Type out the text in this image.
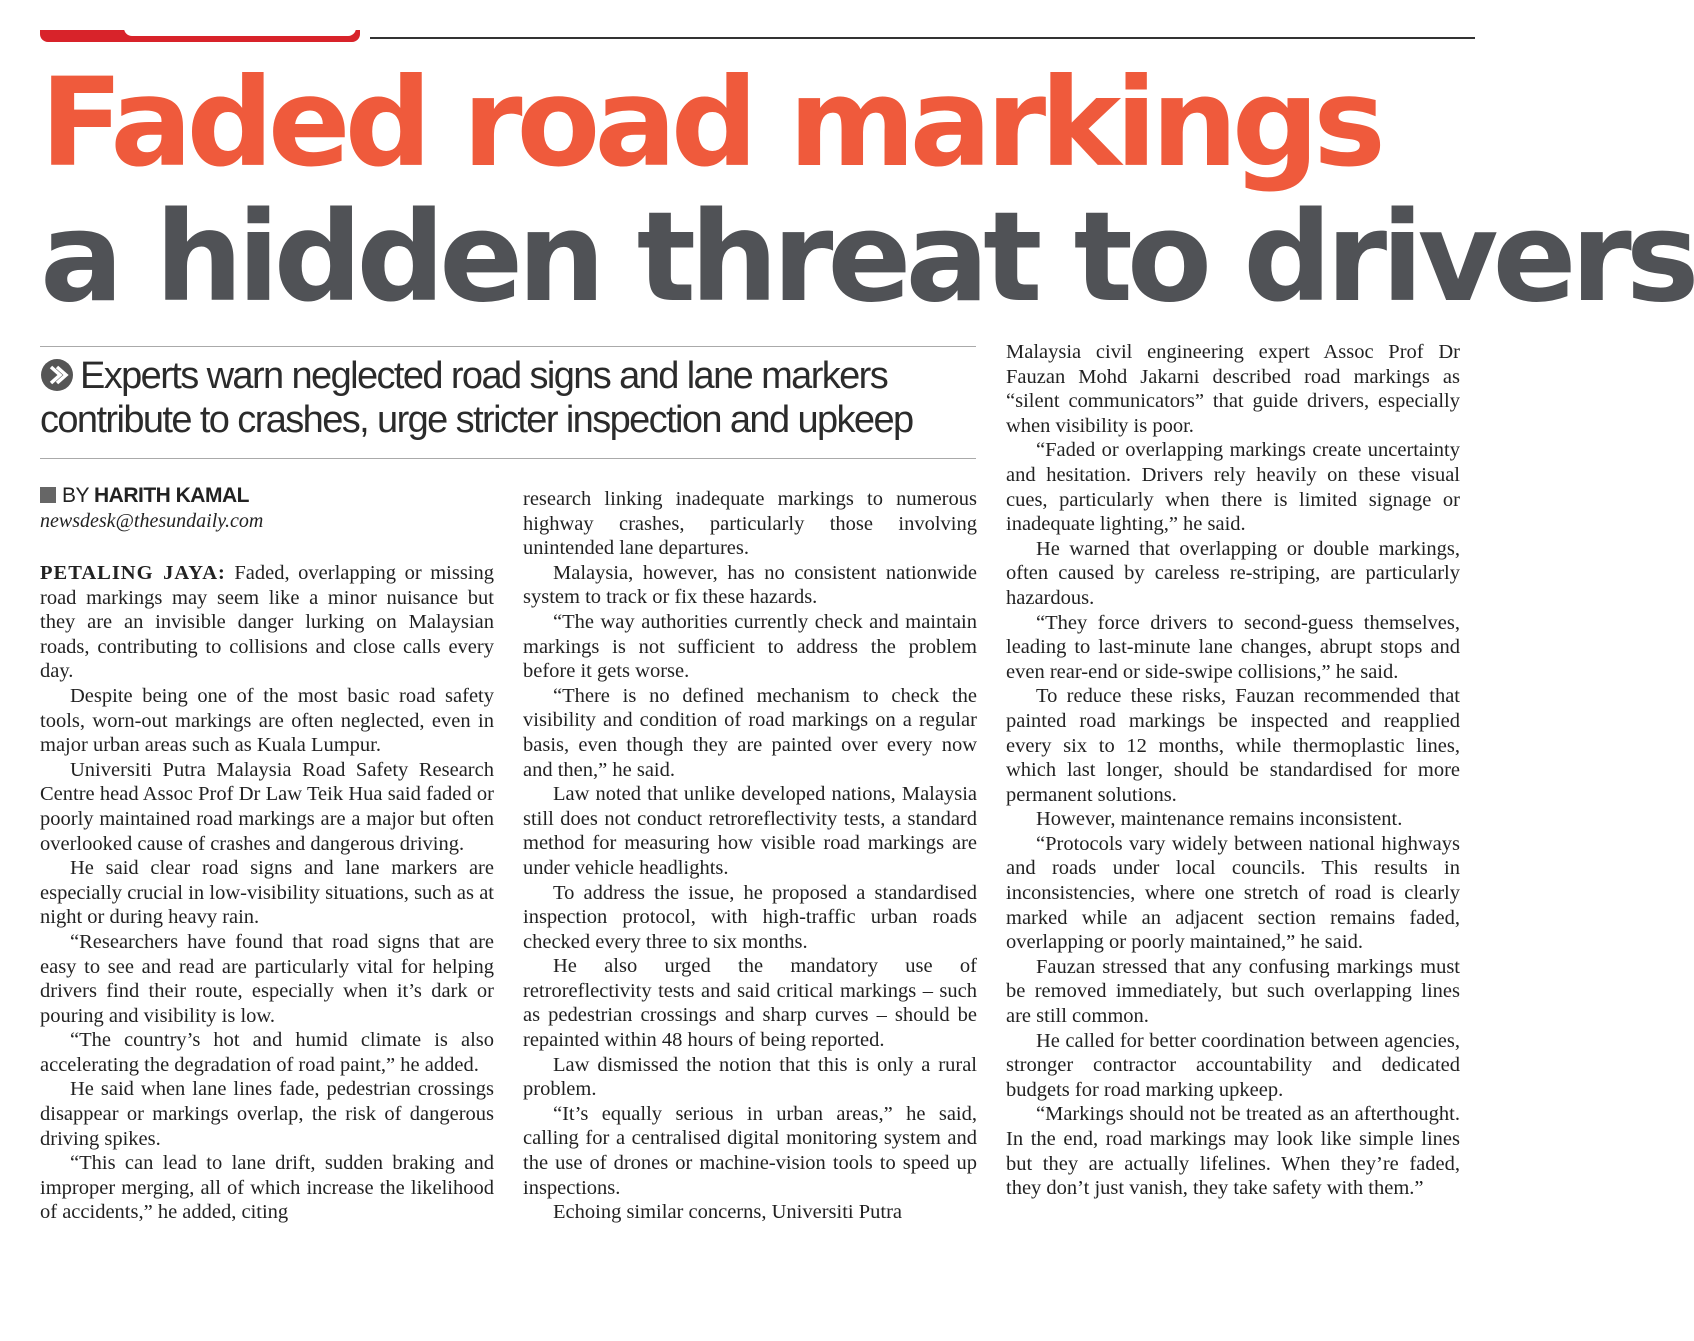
Faded road markings
a hidden threat to drivers
Experts warn neglected road signs and lane markers contribute to crashes, urge stricter inspection and upkeep
BY HARITH KAMAL
newsdesk@thesundaily.com

PETALING JAYA: Faded, overlapping or missing road markings may seem like a minor nuisance but they are an invisible danger lurking on Malaysian roads, contributing to collisions and close calls every day.

Despite being one of the most basic road safety tools, worn-out markings are often neglected, even in major urban areas such as Kuala Lumpur.

Universiti Putra Malaysia Road Safety Research Centre head Assoc Prof Dr Law Teik Hua said faded or poorly maintained road markings are a major but often overlooked cause of crashes and dangerous driving.

He said clear road signs and lane markers are especially crucial in low-visibility situations, such as at night or during heavy rain.

“Researchers have found that road signs that are easy to see and read are particularly vital for helping drivers find their route, especially when it’s dark or pouring and visibility is low.

“The country’s hot and humid climate is also accelerating the degradation of road paint,” he added.

He said when lane lines fade, pedestrian crossings disappear or markings overlap, the risk of dangerous driving spikes.

“This can lead to lane drift, sudden braking and improper merging, all of which increase the likelihood of accidents,” he added, citing

research linking inadequate markings to numerous highway crashes, particularly those involving unintended lane departures.

Malaysia, however, has no consistent nationwide system to track or fix these hazards.

“The way authorities currently check and maintain markings is not sufficient to address the problem before it gets worse.

“There is no defined mechanism to check the visibility and condition of road markings on a regular basis, even though they are painted over every now and then,” he said.

Law noted that unlike developed nations, Malaysia still does not conduct retroreflectivity tests, a standard method for measuring how visible road markings are under vehicle headlights.

To address the issue, he proposed a standardised inspection protocol, with high-traffic urban roads checked every three to six months.

He also urged the mandatory use of retroreflectivity tests and said critical markings – such as pedestrian crossings and sharp curves – should be repainted within 48 hours of being reported.

Law dismissed the notion that this is only a rural problem.

“It’s equally serious in urban areas,” he said, calling for a centralised digital monitoring system and the use of drones or machine-vision tools to speed up inspections.

Echoing similar concerns, Universiti Putra

Malaysia civil engineering expert Assoc Prof Dr Fauzan Mohd Jakarni described road markings as “silent communicators” that guide drivers, especially when visibility is poor.

“Faded or overlapping markings create uncertainty and hesitation. Drivers rely heavily on these visual cues, particularly when there is limited signage or inadequate lighting,” he said.

He warned that overlapping or double markings, often caused by careless re-striping, are particularly hazardous.

“They force drivers to second-guess themselves, leading to last-minute lane changes, abrupt stops and even rear-end or side-swipe collisions,” he said.

To reduce these risks, Fauzan recommended that painted road markings be inspected and reapplied every six to 12 months, while thermoplastic lines, which last longer, should be standardised for more permanent solutions.

However, maintenance remains inconsistent.

“Protocols vary widely between national highways and roads under local councils. This results in inconsistencies, where one stretch of road is clearly marked while an adjacent section remains faded, overlapping or poorly maintained,” he said.

Fauzan stressed that any confusing markings must be removed immediately, but such overlapping lines are still common.

He called for better coordination between agencies, stronger contractor accountability and dedicated budgets for road marking upkeep.

“Markings should not be treated as an afterthought. In the end, road markings may look like simple lines but they are actually lifelines. When they’re faded, they don’t just vanish, they take safety with them.”
